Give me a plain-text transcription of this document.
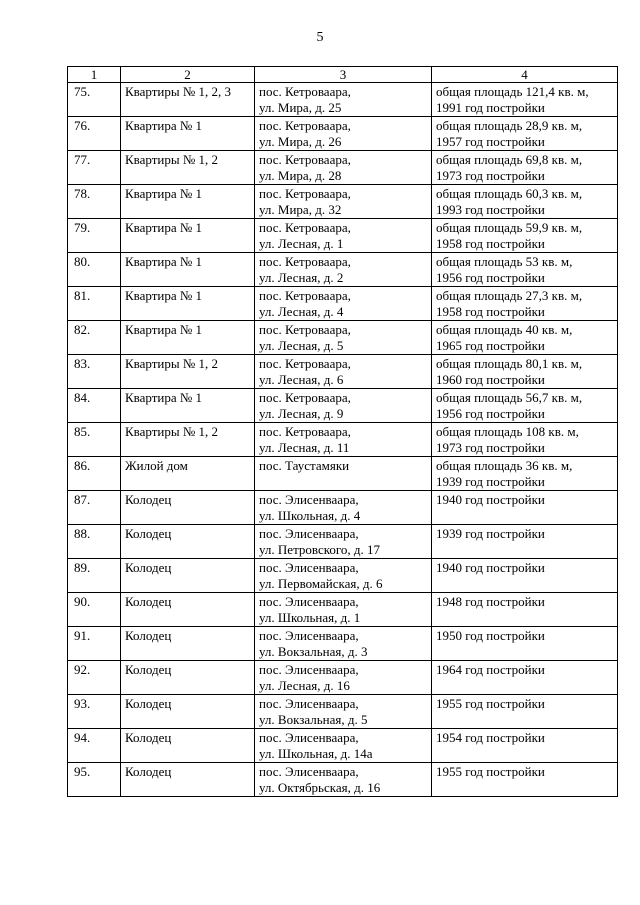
5
1	2	3	4
75.	Квартиры № 1, 2, 3	пос. Кетроваара,
ул. Мира, д. 25	общая площадь 121,4 кв. м,
1991 год постройки

76.	Квартира № 1	пос. Кетроваара,
ул. Мира, д. 26	общая площадь 28,9 кв. м,
1957 год постройки

77.	Квартиры № 1, 2	пос. Кетроваара,
ул. Мира, д. 28	общая площадь 69,8 кв. м,
1973 год постройки

78.	Квартира № 1	пос. Кетроваара,
ул. Мира, д. 32	общая площадь 60,3 кв. м,
1993 год постройки

79.	Квартира № 1	пос. Кетроваара,
ул. Лесная, д. 1	общая площадь 59,9 кв. м,
1958 год постройки

80.	Квартира № 1	пос. Кетроваара,
ул. Лесная, д. 2	общая площадь 53 кв. м,
1956 год постройки

81.	Квартира № 1	пос. Кетроваара,
ул. Лесная, д. 4	общая площадь 27,3 кв. м,
1958 год постройки

82.	Квартира № 1	пос. Кетроваара,
ул. Лесная, д. 5	общая площадь 40 кв. м,
1965 год постройки

83.	Квартиры № 1, 2	пос. Кетроваара,
ул. Лесная, д. 6	общая площадь 80,1 кв. м,
1960 год постройки

84.	Квартира № 1	пос. Кетроваара,
ул. Лесная, д. 9	общая площадь 56,7 кв. м,
1956 год постройки

85.	Квартиры № 1, 2	пос. Кетроваара,
ул. Лесная, д. 11	общая площадь 108 кв. м,
1973 год постройки

86.	Жилой дом	пос. Таустамяки	общая площадь 36 кв. м,
1939 год постройки

87.	Колодец	пос. Элисенваара,
ул. Школьная, д. 4	1940 год постройки

88.	Колодец	пос. Элисенваара,
ул. Петровского, д. 17	1939 год постройки

89.	Колодец	пос. Элисенваара,
ул. Первомайская, д. 6	1940 год постройки

90.	Колодец	пос. Элисенваара,
ул. Школьная, д. 1	1948 год постройки

91.	Колодец	пос. Элисенваара,
ул. Вокзальная, д. 3	1950 год постройки

92.	Колодец	пос. Элисенваара,
ул. Лесная, д. 16	1964 год постройки

93.	Колодец	пос. Элисенваара,
ул. Вокзальная, д. 5	1955 год постройки

94.	Колодец	пос. Элисенваара,
ул. Школьная, д. 14а	1954 год постройки

95.	Колодец	пос. Элисенваара,
ул. Октябрьская, д. 16	1955 год постройки
